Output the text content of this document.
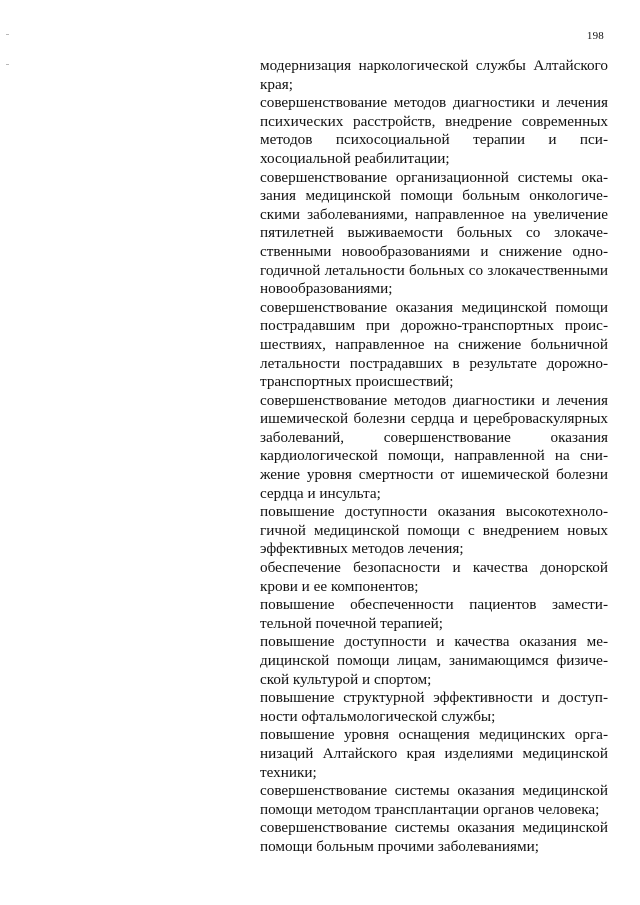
198

модернизация наркологической службы Алтайского края;

совершенствование методов диагностики и лечения психических расстройств, внедрение современных методов психосоциальной терапии и психосоциальной реабилитации;

совершенствование организационной системы оказания медицинской помощи больным онкологическими заболеваниями, направленное на увеличение пятилетней выживаемости больных со злокачественными новообразованиями и снижение одногодичной летальности больных со злокачественными новообразованиями;

совершенствование оказания медицинской помощи пострадавшим при дорожно-транспортных происшествиях, направленное на снижение больничной летальности пострадавших в результате дорожнотранспортных происшествий;

совершенствование методов диагностики и лечения ишемической болезни сердца и цереброваскулярных заболеваний, совершенствование оказания кардиологической помощи, направленной на снижение уровня смертности от ишемической болезни сердца и инсульта;

повышение доступности оказания высокотехнологичной медицинской помощи с внедрением новых эффективных методов лечения;

обеспечение безопасности и качества донорской крови и ее компонентов;

повышение обеспеченности пациентов заместительной почечной терапией;

повышение доступности и качества оказания медицинской помощи лицам, занимающимся физической культурой и спортом;

повышение структурной эффективности и доступности офтальмологической службы;

повышение уровня оснащения медицинских организаций Алтайского края изделиями медицинской техники;

совершенствование системы оказания медицинской помощи методом трансплантации органов человека;

совершенствование системы оказания медицинской помощи больным прочими заболеваниями;
